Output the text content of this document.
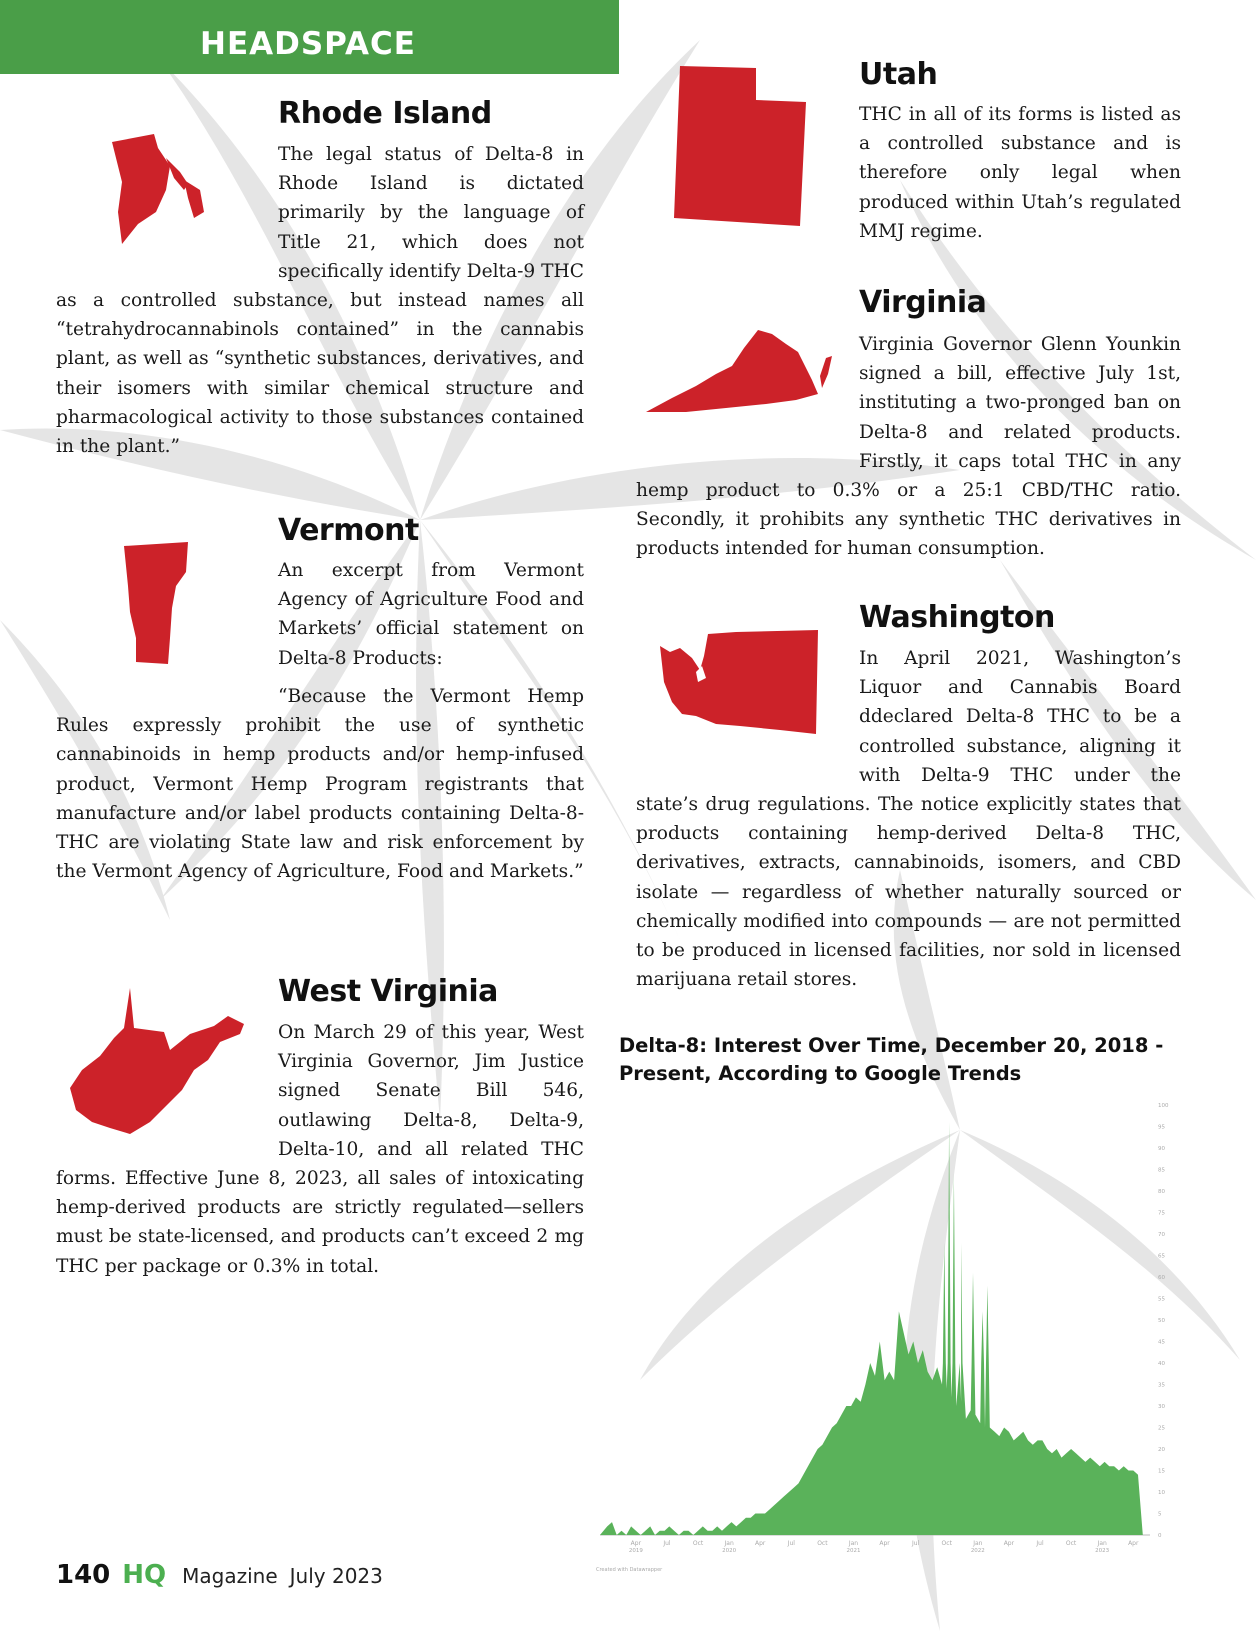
HEADSPACE
Rhode Island

The legal status of Delta-8 in Rhode Island is dictated primarily by the language of Title 21, which does not specifically identify Delta-9 THC as a controlled substance, but instead names all “tetrahydrocannabinols contained” in the cannabis plant, as well as “synthetic substances, derivatives, and their isomers with similar chemical structure and pharmacological activity to those substances contained in the plant.”

Vermont

An excerpt from Vermont Agency of Agriculture Food and Markets’ official statement on Delta-8 Products:

“Because the Vermont Hemp Rules expressly prohibit the use of synthetic cannabinoids in hemp products and/or hemp-infused product, Vermont Hemp Program registrants that manufacture and/or label products containing Delta-8-THC are violating State law and risk enforcement by the Vermont Agency of Agriculture, Food and Markets.”

West Virginia

On March 29 of this year, West Virginia Governor, Jim Justice signed Senate Bill 546, outlawing Delta-8, Delta-9, Delta-10, and all related THC forms. Effective June 8, 2023, all sales of intoxicating hemp-derived products are strictly regulated—sellers must be state-licensed, and products can’t exceed 2 mg THC per package or 0.3% in total.

Utah

THC in all of its forms is listed as a controlled substance and is therefore only legal when produced within Utah’s regulated MMJ regime.

Virginia

Virginia Governor Glenn Younkin signed a bill, effective July 1st, instituting a two-pronged ban on Delta-8 and related products. Firstly, it caps total THC in any hemp product to 0.3% or a 25:1 CBD/THC ratio. Secondly, it prohibits any synthetic THC derivatives in products intended for human consumption.

Washington

In April 2021, Washington’s Liquor and Cannabis Board ddeclared Delta-8 THC to be a controlled substance, aligning it with Delta-9 THC under the state’s drug regulations. The notice explicitly states that products containing hemp-derived Delta-8 THC, derivatives, extracts, cannabinoids, isomers, and CBD isolate — regardless of whether naturally sourced or chemically modified into compounds — are not permitted to be produced in licensed facilities, nor sold in licensed marijuana retail stores.

Delta-8: Interest Over Time, December 20, 2018 - Present, According to Google Trends
0
5
10
15
20
25
30
35
40
45
50
55
60
65
70
75
80
85
90
95
100
Apr
2019
Jul	Oct	Jan
2020
Apr	Jul	Oct	Jan
2021
Apr	Jul	Oct	Jan
2022
Apr	Jul	Oct	Jan
2023
Apr
Created with Datawrapper
140 HQ Magazine July 2023
